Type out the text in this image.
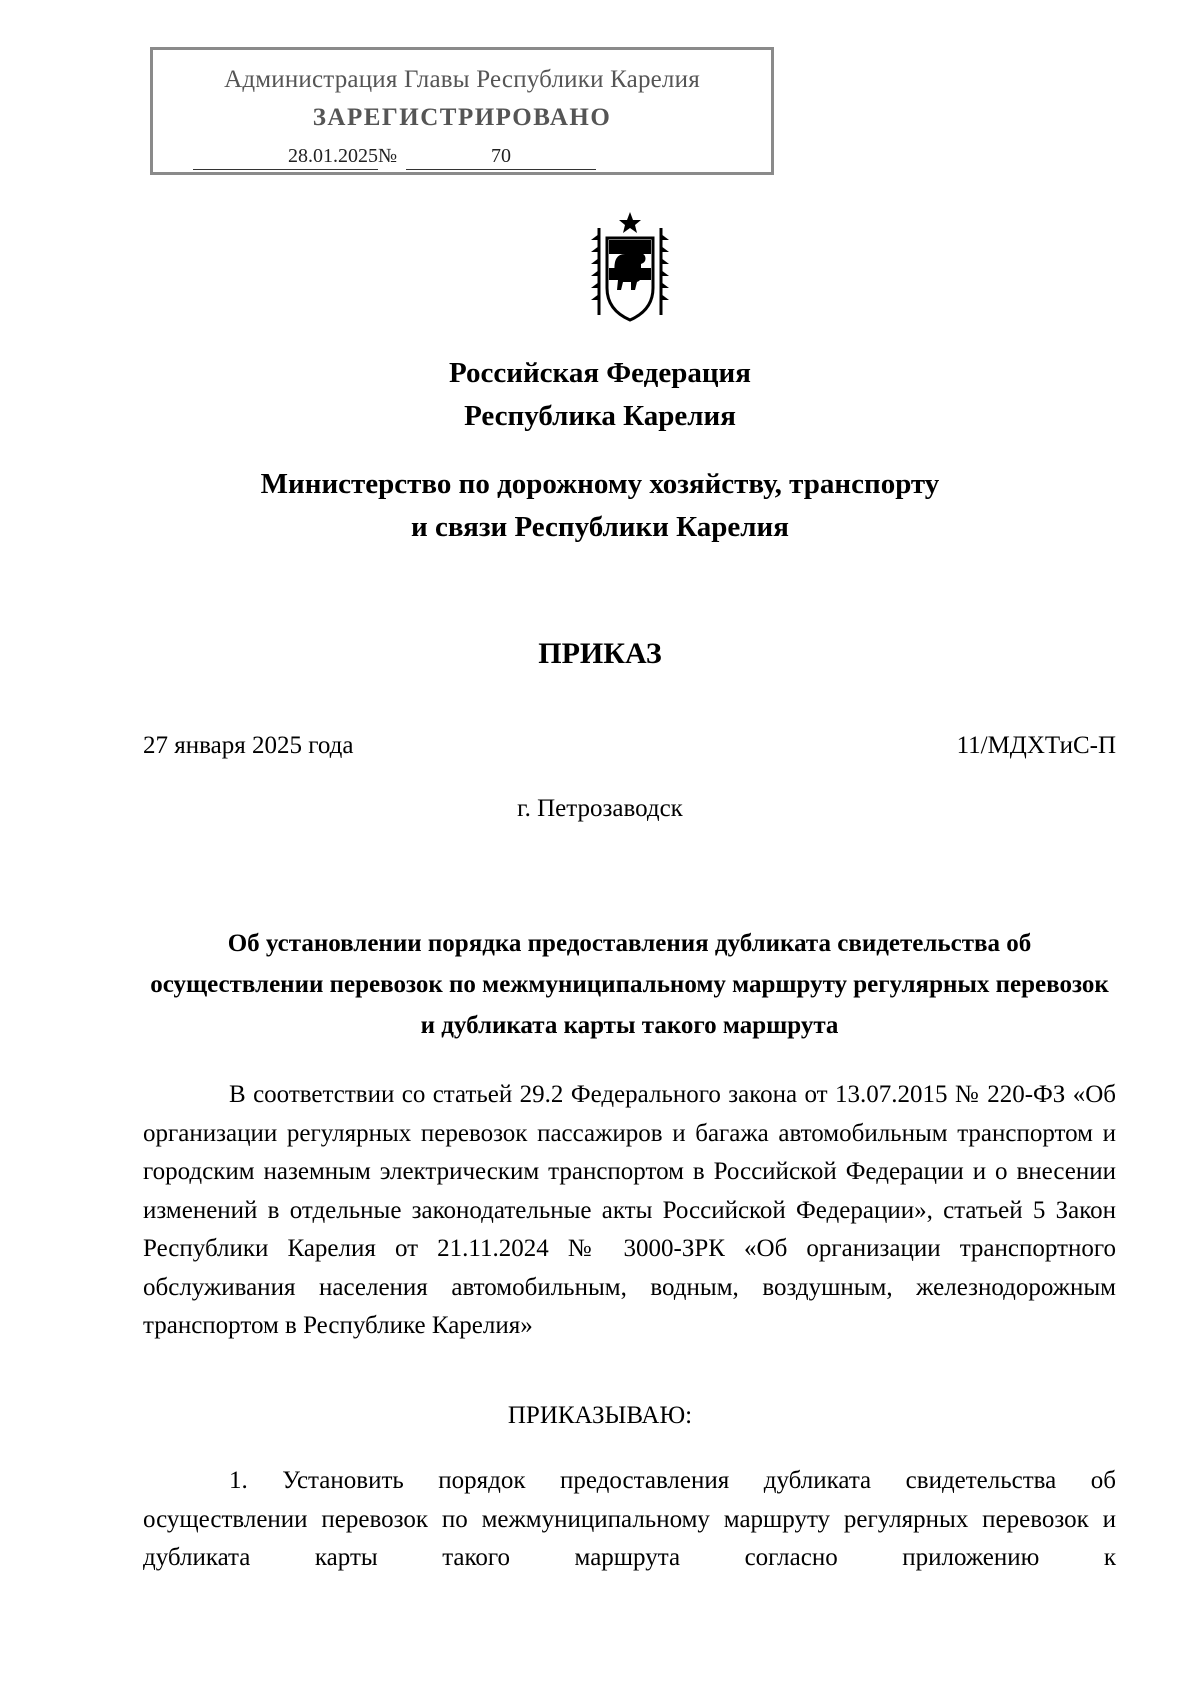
Администрация Главы Республики Карелия
ЗАРЕГИСТРИРОВАНО
28.01.2025 №	70
Российская Федерация
Республика Карелия
Министерство по дорожному хозяйству, транспорту
и связи Республики Карелия
ПРИКАЗ
27 января 2025 года	11/МДХТиС-П
г. Петрозаводск
Об установлении порядка предоставления дубликата свидетельства об осуществлении перевозок по межмуниципальному маршруту регулярных перевозок и дубликата карты такого маршрута
В соответствии со статьей 29.2 Федерального закона от 13.07.2015 № 220-ФЗ «Об организации регулярных перевозок пассажиров и багажа автомобильным транспортом и городским наземным электрическим транспортом в Российской Федерации и о внесении изменений в отдельные законодательные акты Российской Федерации», статьей 5 Закон Республики Карелия от 21.11.2024 № 3000-ЗРК «Об организации транспортного обслуживания населения автомобильным, водным, воздушным, железнодорожным транспортом в Республике Карелия»
ПРИКАЗЫВАЮ:
1. Установить порядок предоставления дубликата свидетельства об осуществлении перевозок по межмуниципальному маршруту регулярных перевозок и дубликата карты такого маршрута согласно приложению к
